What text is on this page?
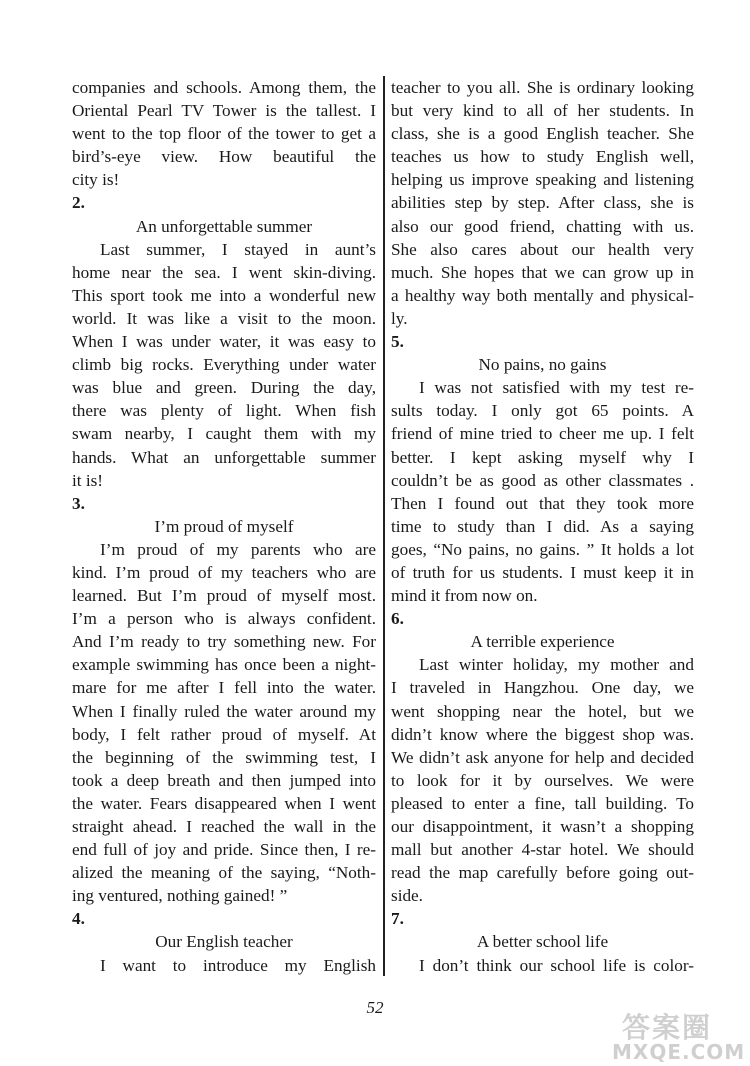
companies and schools. Among them, the
Oriental Pearl TV Tower is the tallest. I
went to the top floor of the tower to get a
bird’s-eye view. How beautiful the
city is!
2.
An unforgettable summer
Last summer, I stayed in aunt’s
home near the sea. I went skin-diving.
This sport took me into a wonderful new
world. It was like a visit to the moon.
When I was under water, it was easy to
climb big rocks. Everything under water
was blue and green. During the day,
there was plenty of light. When fish
swam nearby, I caught them with my
hands. What an unforgettable summer
it is!
3.
I’m proud of myself
I’m proud of my parents who are
kind. I’m proud of my teachers who are
learned. But I’m proud of myself most.
I’m a person who is always confident.
And I’m ready to try something new. For
example swimming has once been a night-
mare for me after I fell into the water.
When I finally ruled the water around my
body, I felt rather proud of myself. At
the beginning of the swimming test, I
took a deep breath and then jumped into
the water. Fears disappeared when I went
straight ahead. I reached the wall in the
end full of joy and pride. Since then, I re-
alized the meaning of the saying, “Noth-
ing ventured, nothing gained! ”
4.
Our English teacher
I want to introduce my English
teacher to you all. She is ordinary looking
but very kind to all of her students. In
class, she is a good English teacher. She
teaches us how to study English well,
helping us improve speaking and listening
abilities step by step. After class, she is
also our good friend, chatting with us.
She also cares about our health very
much. She hopes that we can grow up in
a healthy way both mentally and physical-
ly.
5.
No pains, no gains
I was not satisfied with my test re-
sults today. I only got 65 points. A
friend of mine tried to cheer me up. I felt
better. I kept asking myself why I
couldn’t be as good as other classmates .
Then I found out that they took more
time to study than I did. As a saying
goes, “No pains, no gains. ” It holds a lot
of truth for us students. I must keep it in
mind it from now on.
6.
A terrible experience
Last winter holiday, my mother and
I traveled in Hangzhou. One day, we
went shopping near the hotel, but we
didn’t know where the biggest shop was.
We didn’t ask anyone for help and decided
to look for it by ourselves. We were
pleased to enter a fine, tall building. To
our disappointment, it wasn’t a shopping
mall but another 4-star hotel. We should
read the map carefully before going out-
side.
7.
A better school life
I don’t think our school life is color-
52
答案圈
MXQE.COM
